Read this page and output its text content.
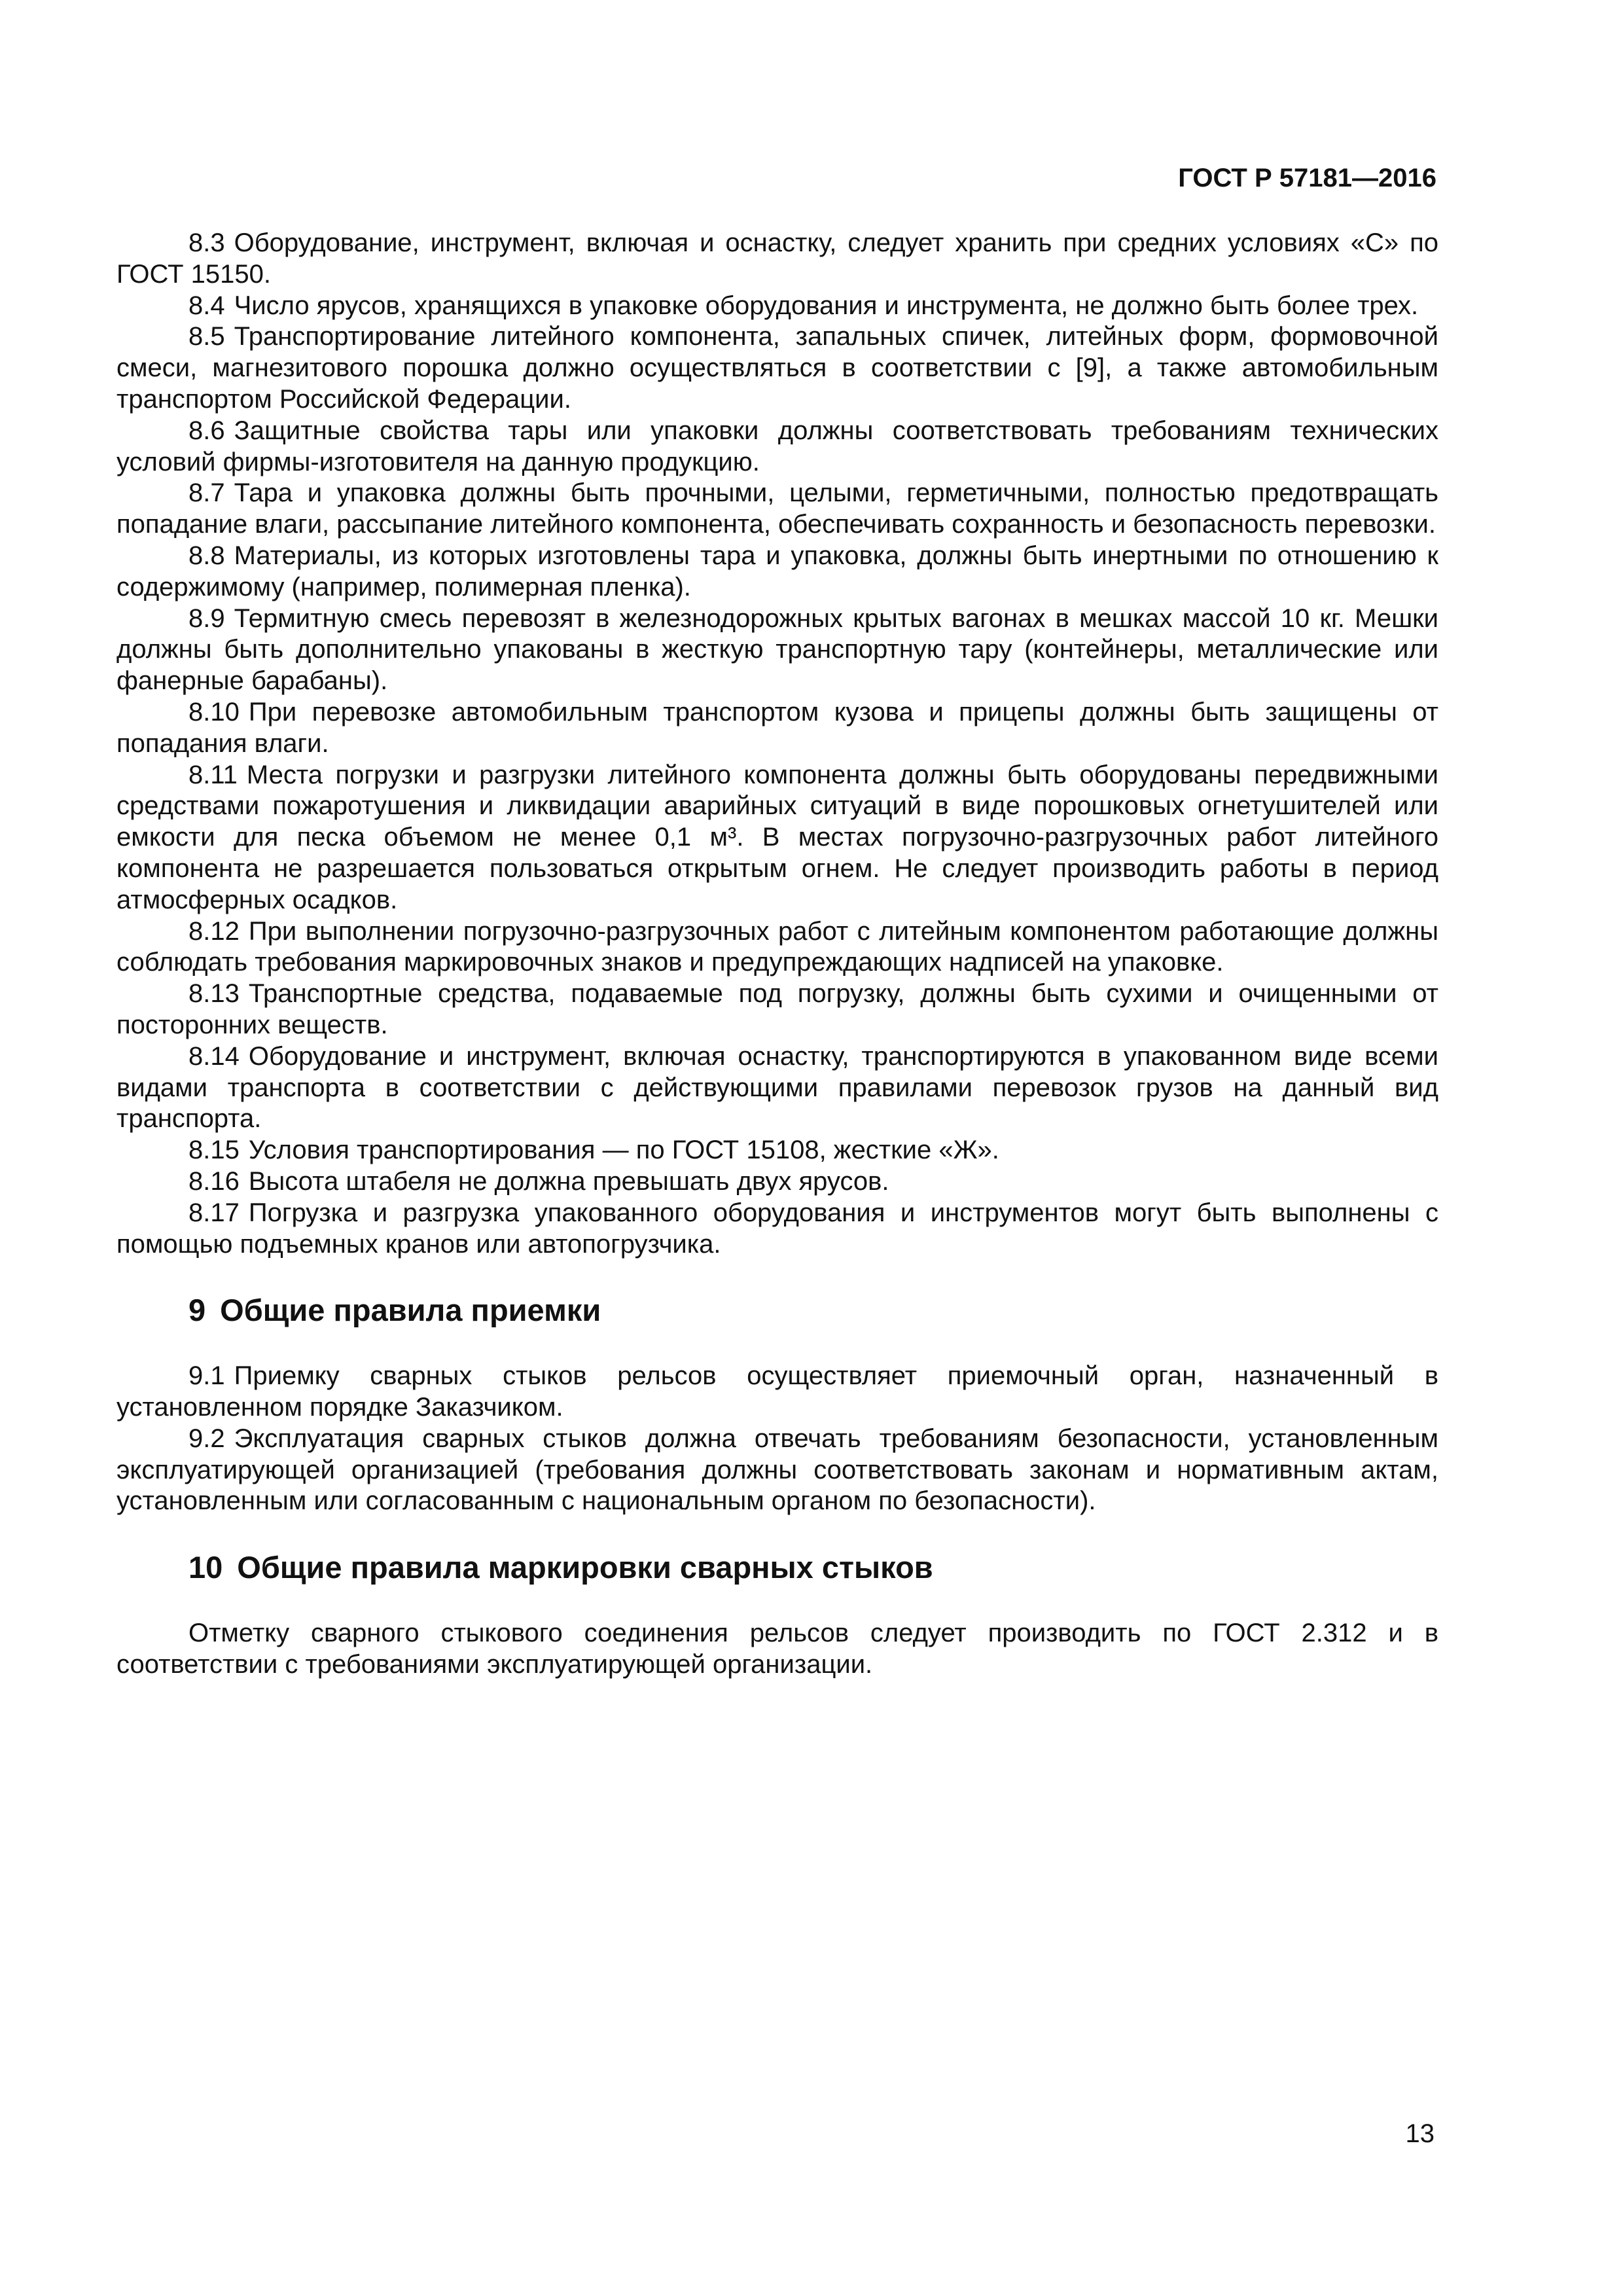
ГОСТ Р 57181—2016

8.3 Оборудование, инструмент, включая и оснастку, следует хранить при средних условиях «С» по ГОСТ 15150.

8.4 Число ярусов, хранящихся в упаковке оборудования и инструмента, не должно быть более трех.

8.5 Транспортирование литейного компонента, запальных спичек, литейных форм, формовочной смеси, магнезитового порошка должно осуществляться в соответствии с [9], а также автомобильным транспортом Российской Федерации.

8.6 Защитные свойства тары или упаковки должны соответствовать требованиям технических условий фирмы-изготовителя на данную продукцию.

8.7 Тара и упаковка должны быть прочными, целыми, герметичными, полностью предотвращать попадание влаги, рассыпание литейного компонента, обеспечивать сохранность и безопасность перевозки.

8.8 Материалы, из которых изготовлены тара и упаковка, должны быть инертными по отношению к содержимому (например, полимерная пленка).

8.9 Термитную смесь перевозят в железнодорожных крытых вагонах в мешках массой 10 кг. Мешки должны быть дополнительно упакованы в жесткую транспортную тару (контейнеры, металлические или фанерные барабаны).

8.10 При перевозке автомобильным транспортом кузова и прицепы должны быть защищены от попадания влаги.

8.11 Места погрузки и разгрузки литейного компонента должны быть оборудованы передвижными средствами пожаротушения и ликвидации аварийных ситуаций в виде порошковых огнетушителей или емкости для песка объемом не менее 0,1 м³. В местах погрузочно-разгрузочных работ литейного компонента не разрешается пользоваться открытым огнем. Не следует производить работы в период атмосферных осадков.

8.12 При выполнении погрузочно-разгрузочных работ с литейным компонентом работающие должны соблюдать требования маркировочных знаков и предупреждающих надписей на упаковке.

8.13 Транспортные средства, подаваемые под погрузку, должны быть сухими и очищенными от посторонних веществ.

8.14 Оборудование и инструмент, включая оснастку, транспортируются в упакованном виде всеми видами транспорта в соответствии с действующими правилами перевозок грузов на данный вид транспорта.

8.15 Условия транспортирования — по ГОСТ 15108, жесткие «Ж».

8.16 Высота штабеля не должна превышать двух ярусов.

8.17 Погрузка и разгрузка упакованного оборудования и инструментов могут быть выполнены с помощью подъемных кранов или автопогрузчика.

9 Общие правила приемки

9.1 Приемку сварных стыков рельсов осуществляет приемочный орган, назначенный в установленном порядке Заказчиком.

9.2 Эксплуатация сварных стыков должна отвечать требованиям безопасности, установленным эксплуатирующей организацией (требования должны соответствовать законам и нормативным актам, установленным или согласованным с национальным органом по безопасности).

10 Общие правила маркировки сварных стыков

Отметку сварного стыкового соединения рельсов следует производить по ГОСТ 2.312 и в соответствии с требованиями эксплуатирующей организации.

13
